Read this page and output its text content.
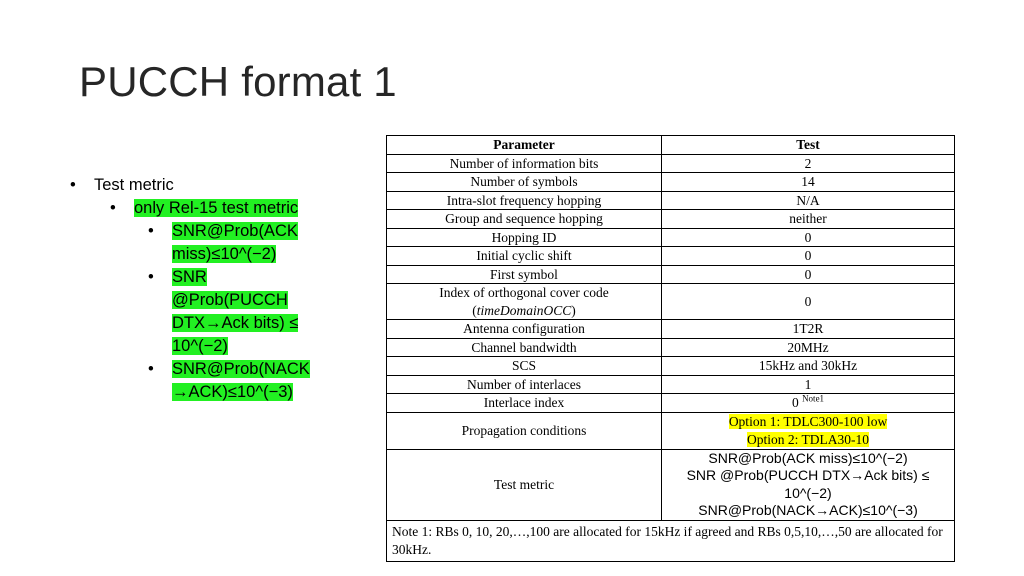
PUCCH format 1
• Test metric
• only Rel-15 test metric
• SNR@Prob(ACK miss)≤10^(−2)
• SNR @Prob(PUCCH DTX→Ack bits) ≤ 10^(−2)
• SNR@Prob(NACK →ACK)≤10^(−3)
Parameter	Test
Number of information bits	2
Number of symbols	14
Intra-slot frequency hopping	N/A
Group and sequence hopping	neither
Hopping ID	0
Initial cyclic shift	0
First symbol	0
Index of orthogonal cover code
(timeDomainOCC)	0
Antenna configuration	1T2R
Channel bandwidth	20MHz
SCS	15kHz and 30kHz
Number of interlaces	1
Interlace index	0 $^{Note1}$
Propagation conditions	Option 1: TDLC300-100 low
Option 2: TDLA30-10
Test metric	SNR@Prob(ACK miss)≤10^(−2)
SNR @Prob(PUCCH DTX→Ack bits) ≤
10^(−2)
SNR@Prob(NACK→ACK)≤10^(−3)
Note 1: RBs 0, 10, 20,…,100 are allocated for 15kHz if agreed and RBs 0,5,10,…,50 are allocated for 30kHz.	
